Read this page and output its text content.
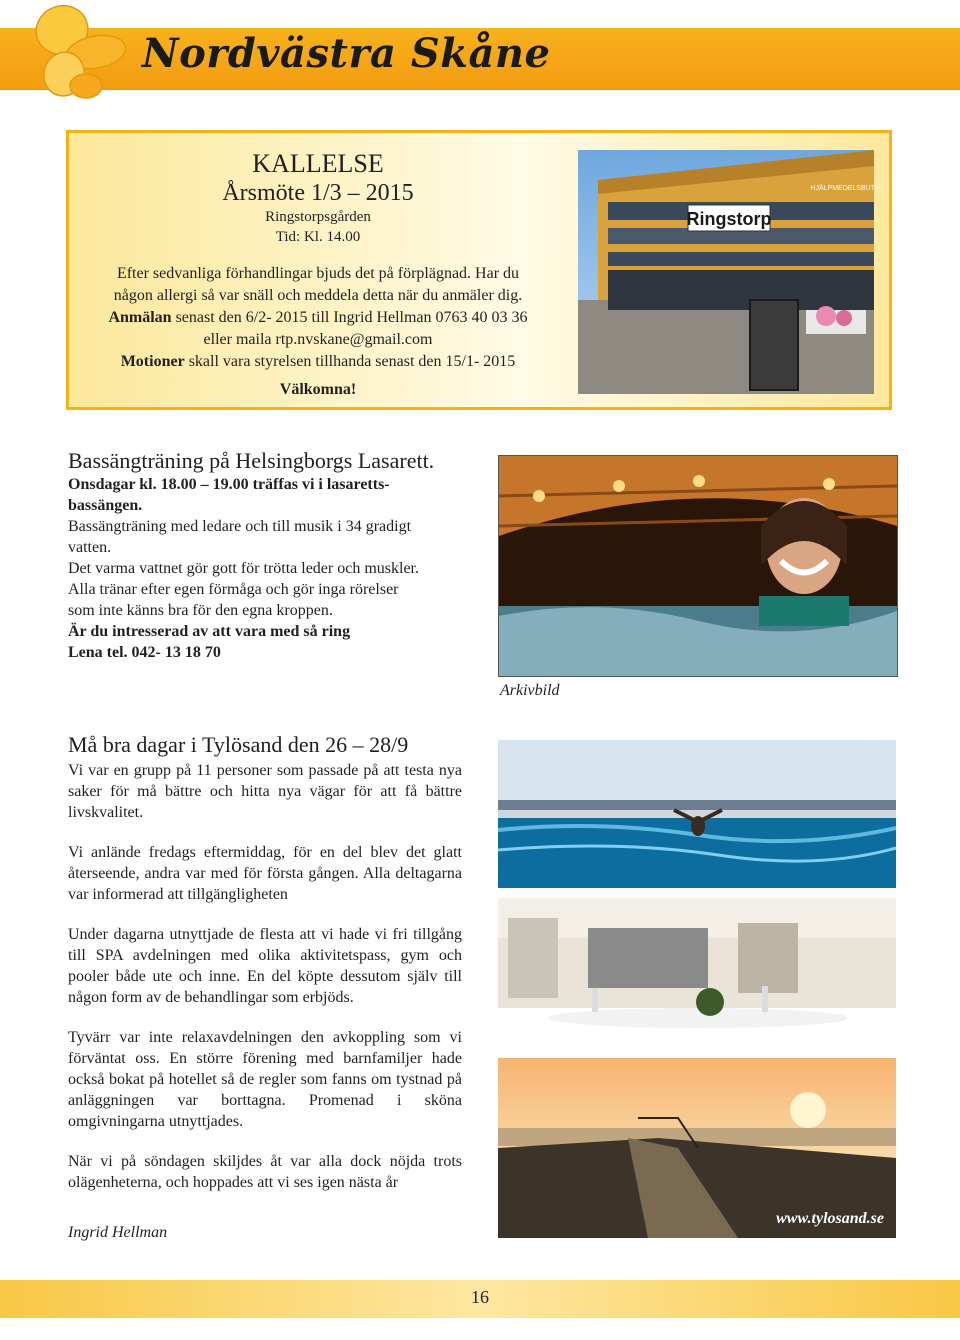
Nordvästra Skåne
KALLELSE
Årsmöte 1/3 – 2015
Ringstorpsgården
Tid: Kl. 14.00
Efter sedvanliga förhandlingar bjuds det på förplägnad. Har du
någon allergi så var snäll och meddela detta när du anmäler dig.
Anmälan senast den 6/2- 2015 till Ingrid Hellman 0763 40 03 36
eller maila rtp.nvskane@gmail.com
Motioner skall vara styrelsen tillhanda senast den 15/1- 2015
Välkomna!
Ringstorp
HJÄLPMEDELSBUTIK
Bassängträning på Helsingborgs Lasarett.
Onsdagar kl. 18.00 – 19.00 träffas vi i lasaretts-
bassängen.
Bassängträning med ledare och till musik i 34 gradigt
vatten.
Det varma vattnet gör gott för trötta leder och muskler.
Alla tränar efter egen förmåga och gör inga rörelser
som inte känns bra för den egna kroppen.
Är du intresserad av att vara med så ring
Lena tel. 042- 13 18 70
Arkivbild
Må bra dagar i Tylösand den 26 – 28/9

Vi var en grupp på 11 personer som passade på att testa nya saker för må bättre och hitta nya vägar för att få bättre livskvalitet.

Vi anlände fredags eftermiddag, för en del blev det glatt återseende, andra var med för första gången. Alla deltagarna var informerad att tillgängligheten

Under dagarna utnyttjade de flesta att vi hade vi fri tillgång till SPA avdelningen med olika aktivitetspass, gym och pooler både ute och inne. En del köpte dessutom själv till någon form av de behandlingar som erbjöds.

Tyvärr var inte relaxavdelningen den avkoppling som vi förväntat oss. En större förening med barnfamiljer hade också bokat på hotellet så de regler som fanns om tystnad på anläggningen var borttagna. Promenad i sköna omgivningarna utnyttjades.

När vi på söndagen skiljdes åt var alla dock nöjda trots olägenheterna, och hoppades att vi ses igen nästa år

Ingrid Hellman
www.tylosand.se
16
